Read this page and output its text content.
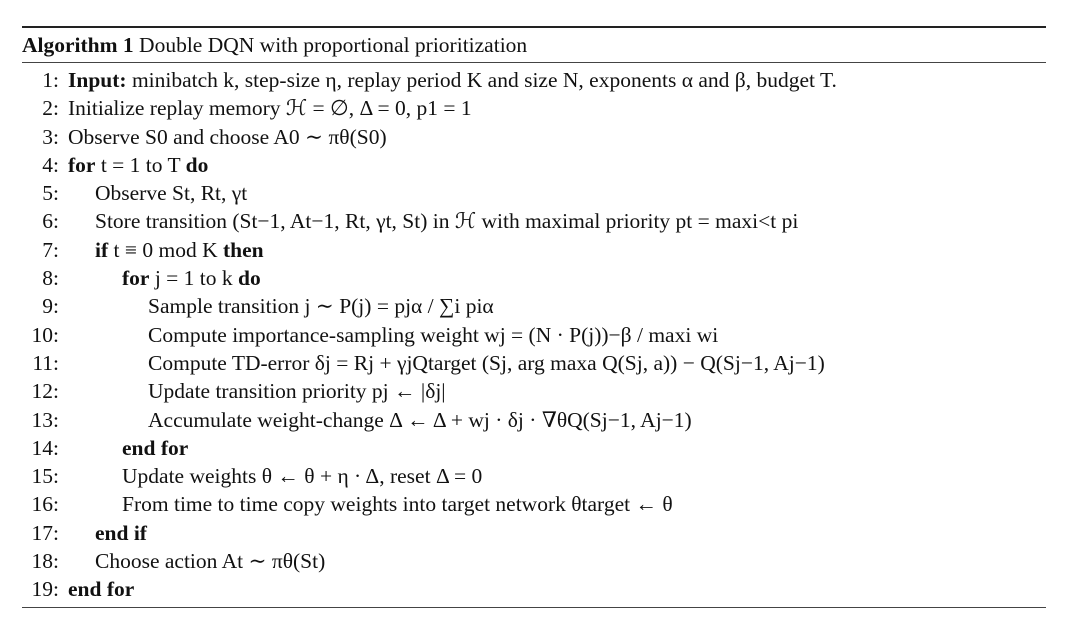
Algorithm 1 Double DQN with proportional prioritization
1: Input: minibatch k, step-size η, replay period K and size N, exponents α and β, budget T.
2: Initialize replay memory ℋ = ∅, Δ = 0, p1 = 1
3: Observe S0 and choose A0 ∼ πθ(S0)
4: for t = 1 to T do
5:	Observe St, Rt, γt
6:	Store transition (St−1, At−1, Rt, γt, St) in ℋ with maximal priority pt = maxi<t pi
7:	if t ≡ 0 mod K then
8:	for j = 1 to k do
9:	Sample transition j ∼ P(j) = pjα / ∑i piα
10:	Compute importance-sampling weight wj = (N · P(j))−β / maxi wi
11:	Compute TD-error δj = Rj + γjQtarget (Sj, arg maxa Q(Sj, a)) − Q(Sj−1, Aj−1)
12:	Update transition priority pj ← |δj|
13:	Accumulate weight-change Δ ← Δ + wj · δj · ∇θQ(Sj−1, Aj−1)
14:	end for
15:	Update weights θ ← θ + η · Δ, reset Δ = 0
16:	From time to time copy weights into target network θtarget ← θ
17:	end if
18:	Choose action At ∼ πθ(St)
19: end for
